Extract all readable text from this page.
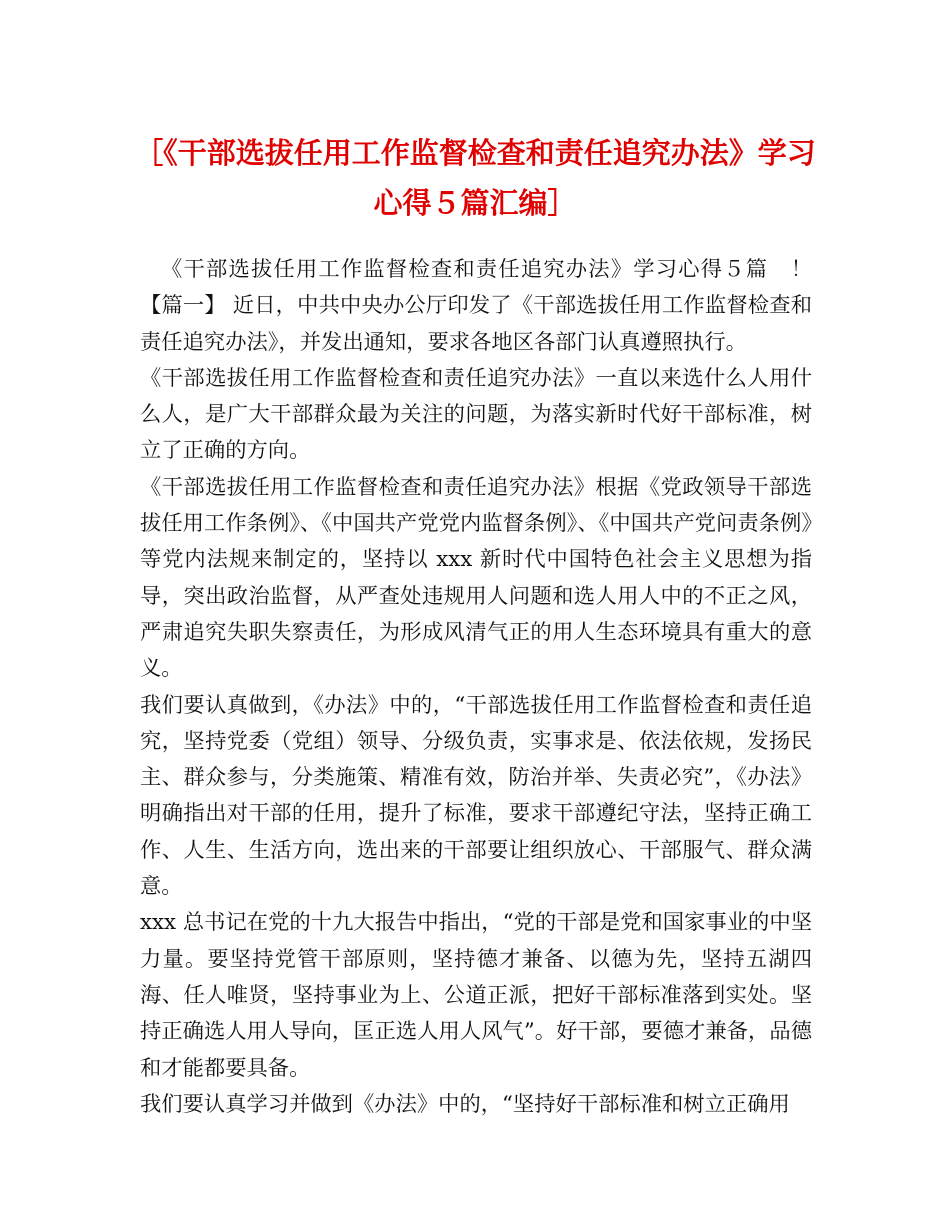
［《干部选拔任用工作监督检查和责任追究办法》学习
心得５篇汇编］

《干部选拔任用工作监督检查和责任追究办法》学习心得５篇　！【篇一】 近日，中共中央办公厅印发了《干部选拔任用工作监督检查和责任追究办法》，并发出通知，要求各地区各部门认真遵照执行。

《干部选拔任用工作监督检查和责任追究办法》一直以来选什么人用什么人，是广大干部群众最为关注的问题，为落实新时代好干部标准，树立了正确的方向。

《干部选拔任用工作监督检查和责任追究办法》根据《党政领导干部选拔任用工作条例》、《中国共产党党内监督条例》、《中国共产党问责条例》等党内法规来制定的，坚持以 xxx 新时代中国特色社会主义思想为指导，突出政治监督，从严查处违规用人问题和选人用人中的不正之风，严肃追究失职失察责任，为形成风清气正的用人生态环境具有重大的意义。

我们要认真做到，《办法》中的，“干部选拔任用工作监督检查和责任追究，坚持党委（党组）领导、分级负责，实事求是、依法依规，发扬民主、群众参与，分类施策、精准有效，防治并举、失责必究”，《办法》明确指出对干部的任用，提升了标准，要求干部遵纪守法，坚持正确工作、人生、生活方向，选出来的干部要让组织放心、干部服气、群众满意。

xxx 总书记在党的十九大报告中指出，“党的干部是党和国家事业的中坚力量。要坚持党管干部原则，坚持德才兼备、以德为先，坚持五湖四海、任人唯贤，坚持事业为上、公道正派，把好干部标准落到实处。坚持正确选人用人导向，匡正选人用人风气”。好干部，要德才兼备，品德和才能都要具备。

我们要认真学习并做到《办法》中的，“坚持好干部标准和树立正确用
